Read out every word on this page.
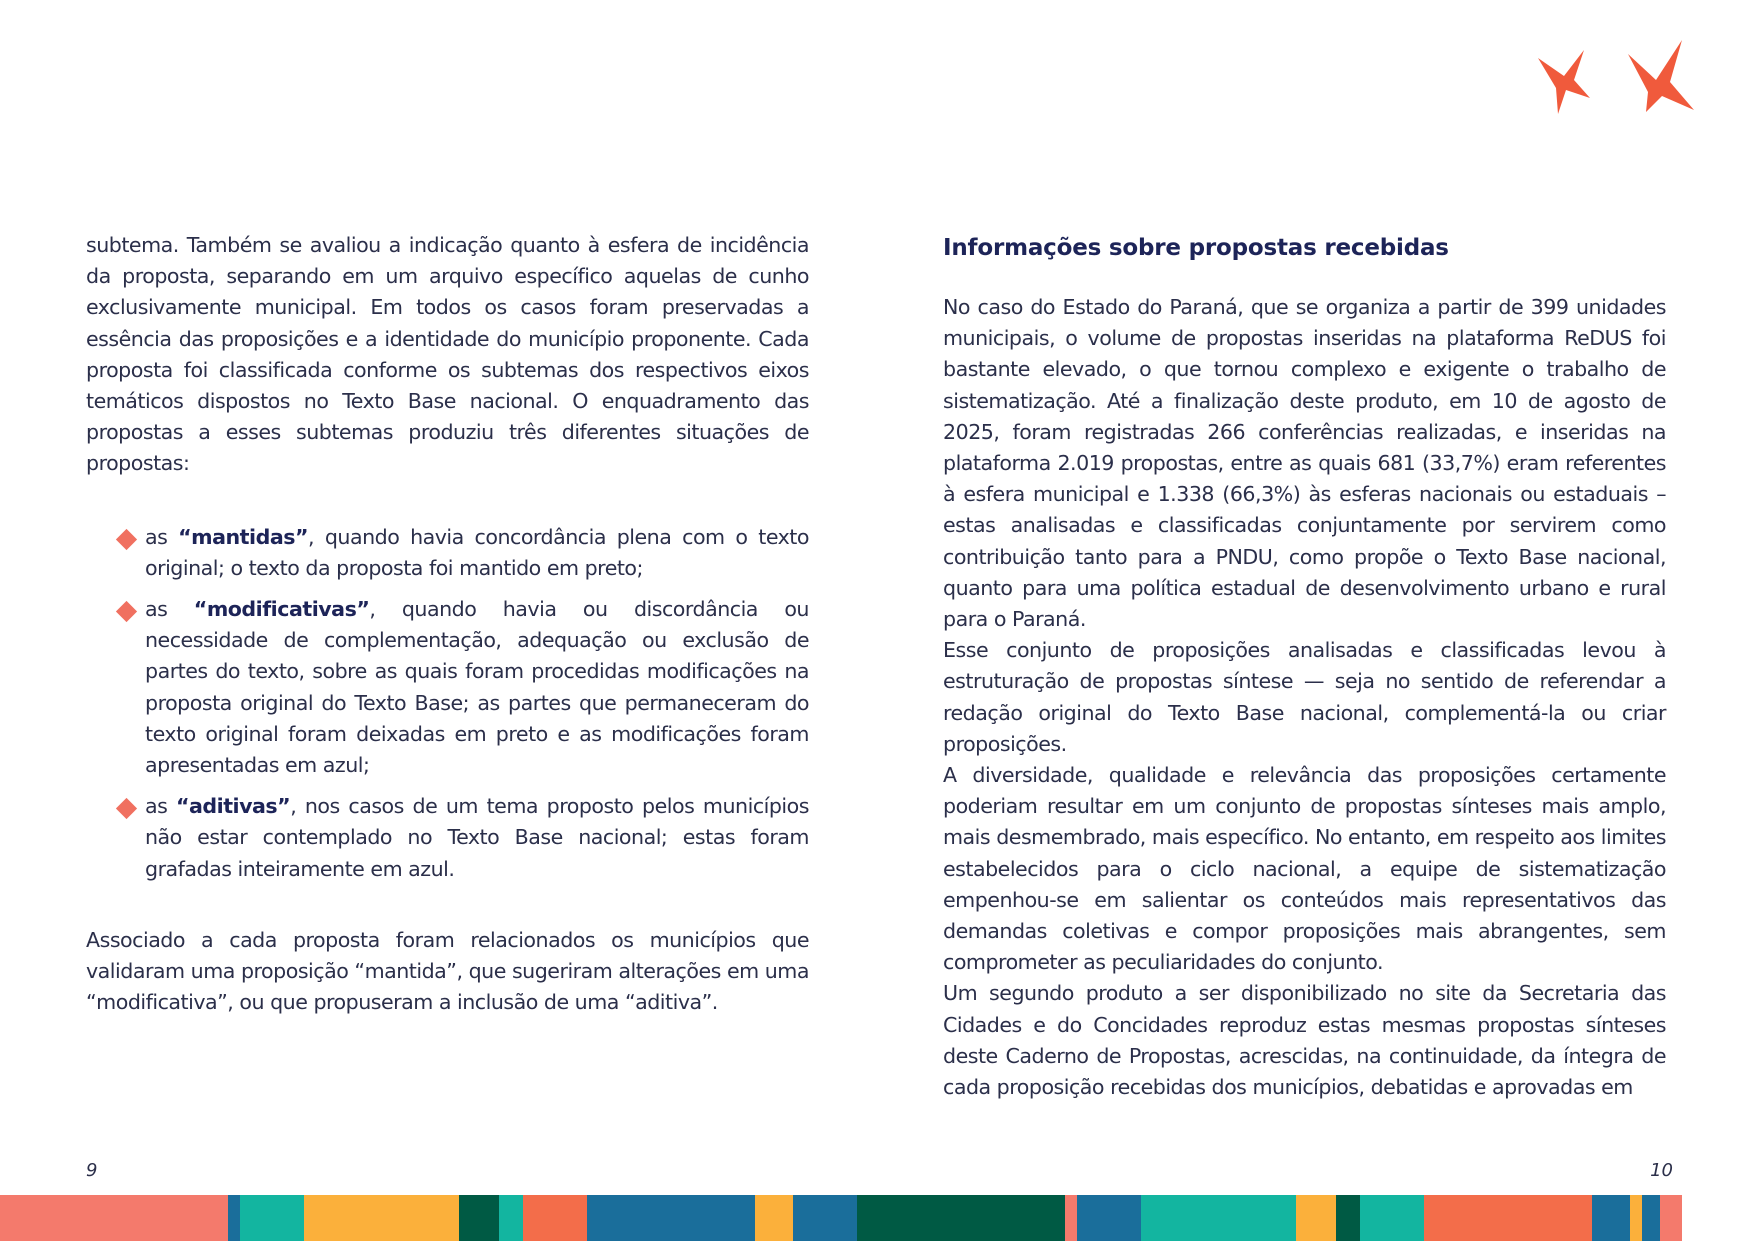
subtema. Também se avaliou a indicação quanto à esfera de incidência da proposta, separando em um arquivo específico aquelas de cunho exclusivamente municipal. Em todos os casos foram preservadas a essência das proposições e a identidade do município proponente. Cada proposta foi classificada conforme os subtemas dos respectivos eixos temáticos dispostos no Texto Base nacional. O enquadramento das propostas a esses subtemas produziu três diferentes situações de propostas:

as “mantidas”, quando havia concordância plena com o texto original; o texto da proposta foi mantido em preto;
as “modificativas”, quando havia ou discordância ou necessidade de complementação, adequação ou exclusão de partes do texto, sobre as quais foram procedidas modificações na proposta original do Texto Base; as partes que permaneceram do texto original foram deixadas em preto e as modificações foram apresentadas em azul;
as “aditivas”, nos casos de um tema proposto pelos municípios não estar contemplado no Texto Base nacional; estas foram grafadas inteiramente em azul.

Associado a cada proposta foram relacionados os municípios que validaram uma proposição “mantida”, que sugeriram alterações em uma “modificativa”, ou que propuseram a inclusão de uma “aditiva”.

9
Informações sobre propostas recebidas

No caso do Estado do Paraná, que se organiza a partir de 399 unidades municipais, o volume de propostas inseridas na plataforma ReDUS foi bastante elevado, o que tornou complexo e exigente o trabalho de sistematização. Até a finalização deste produto, em 10 de agosto de 2025, foram registradas 266 conferências realizadas, e inseridas na plataforma 2.019 propostas, entre as quais 681 (33,7%) eram referentes à esfera municipal e 1.338 (66,3%) às esferas nacionais ou estaduais – estas analisadas e classificadas conjuntamente por servirem como contribuição tanto para a PNDU, como propõe o Texto Base nacional, quanto para uma política estadual de desenvolvimento urbano e rural para o Paraná.

Esse conjunto de proposições analisadas e classificadas levou à estruturação de propostas síntese — seja no sentido de referendar a redação original do Texto Base nacional, complementá-la ou criar proposições.

A diversidade, qualidade e relevância das proposições certamente poderiam resultar em um conjunto de propostas sínteses mais amplo, mais desmembrado, mais específico. No entanto, em respeito aos limites estabelecidos para o ciclo nacional, a equipe de sistematização empenhou-se em salientar os conteúdos mais representativos das demandas coletivas e compor proposições mais abrangentes, sem comprometer as peculiaridades do conjunto.

Um segundo produto a ser disponibilizado no site da Secretaria das Cidades e do Concidades reproduz estas mesmas propostas sínteses deste Caderno de Propostas, acrescidas, na continuidade, da íntegra de cada proposição recebidas dos municípios, debatidas e aprovadas em

10
